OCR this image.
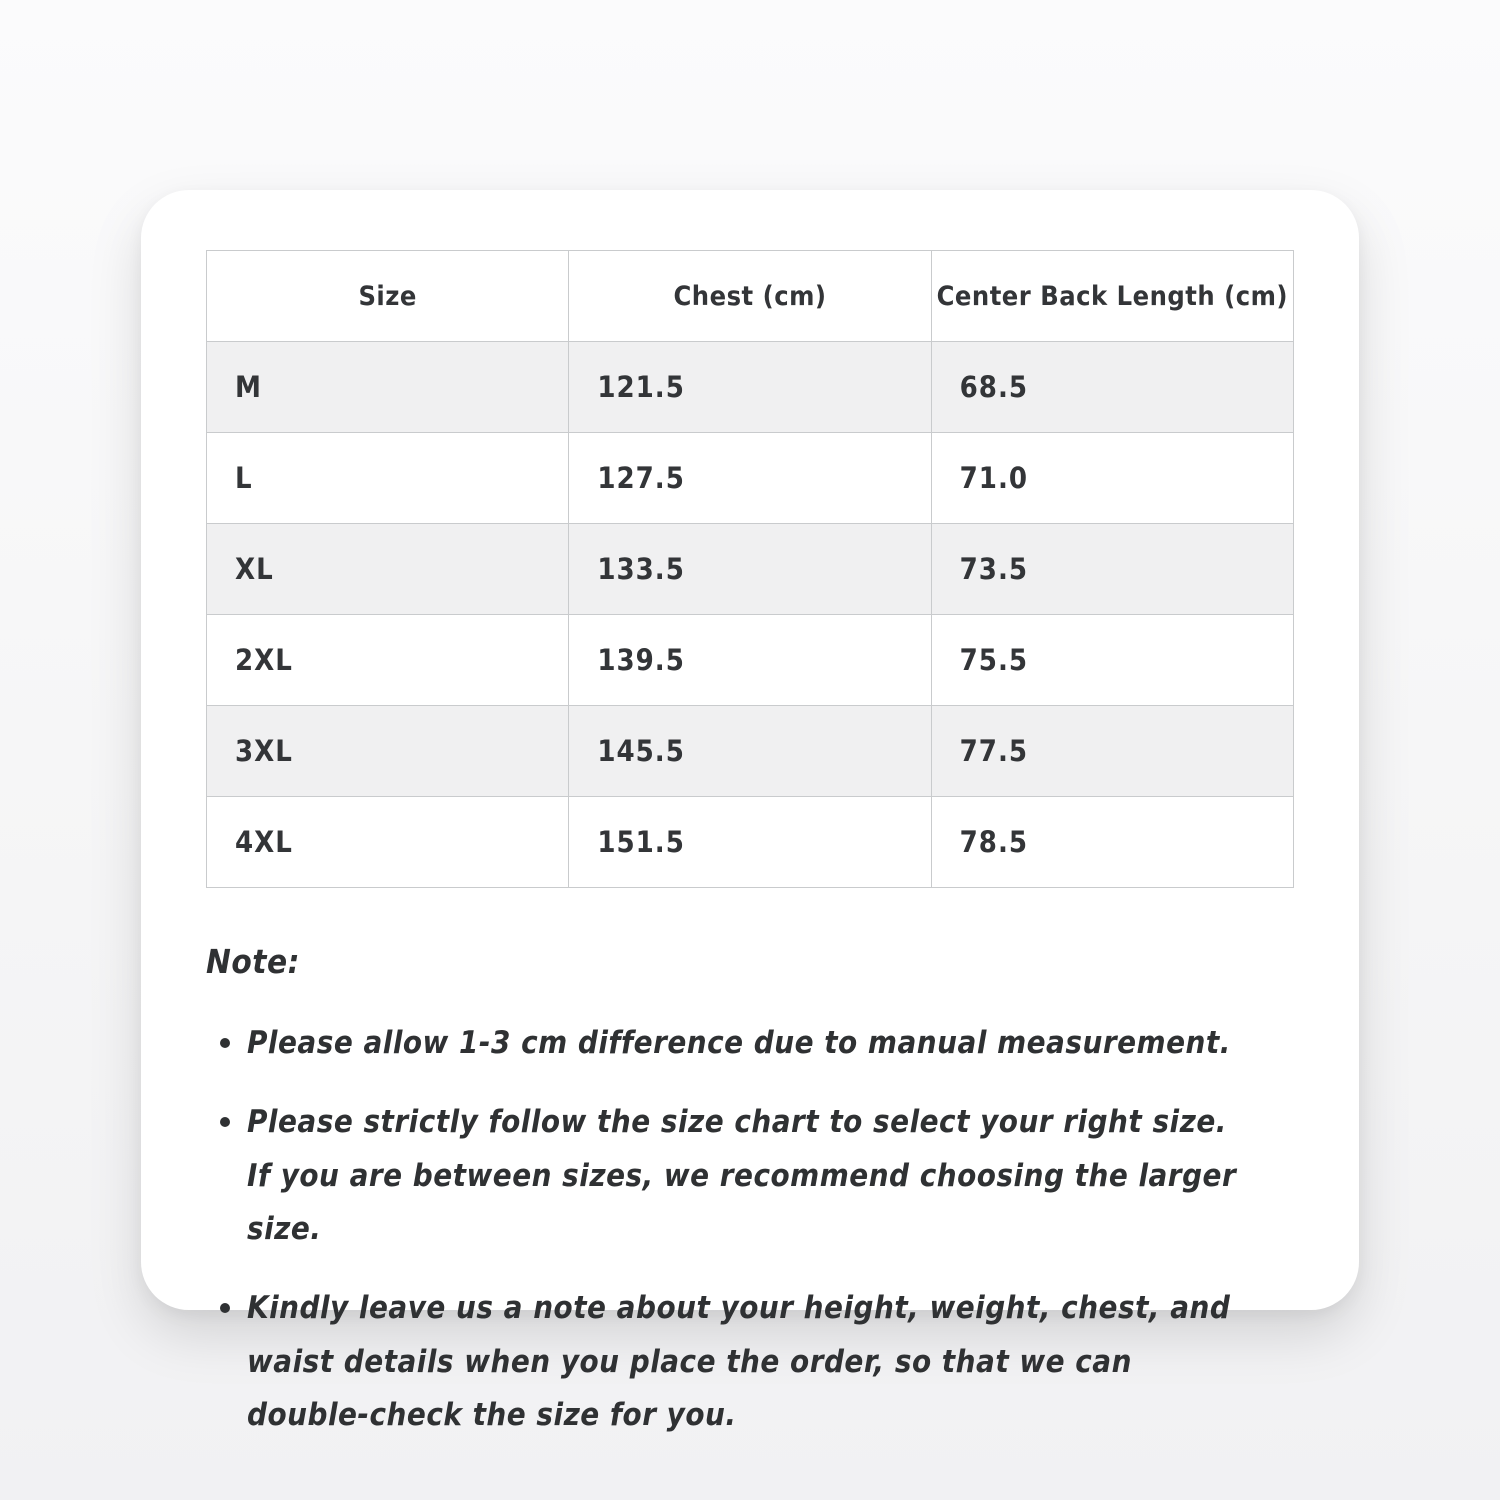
Size	Chest (cm)	Center Back Length (cm)
M	121.5	68.5
L	127.5	71.0
XL	133.5	73.5
2XL	139.5	75.5
3XL	145.5	77.5
4XL	151.5	78.5
Note:
Please allow 1-3 cm difference due to manual measurement.
Please strictly follow the size chart to select your right size. If you are between sizes, we recommend choosing the larger size.
Kindly leave us a note about your height, weight, chest, and waist details when you place the order, so that we can double-check the size for you.
